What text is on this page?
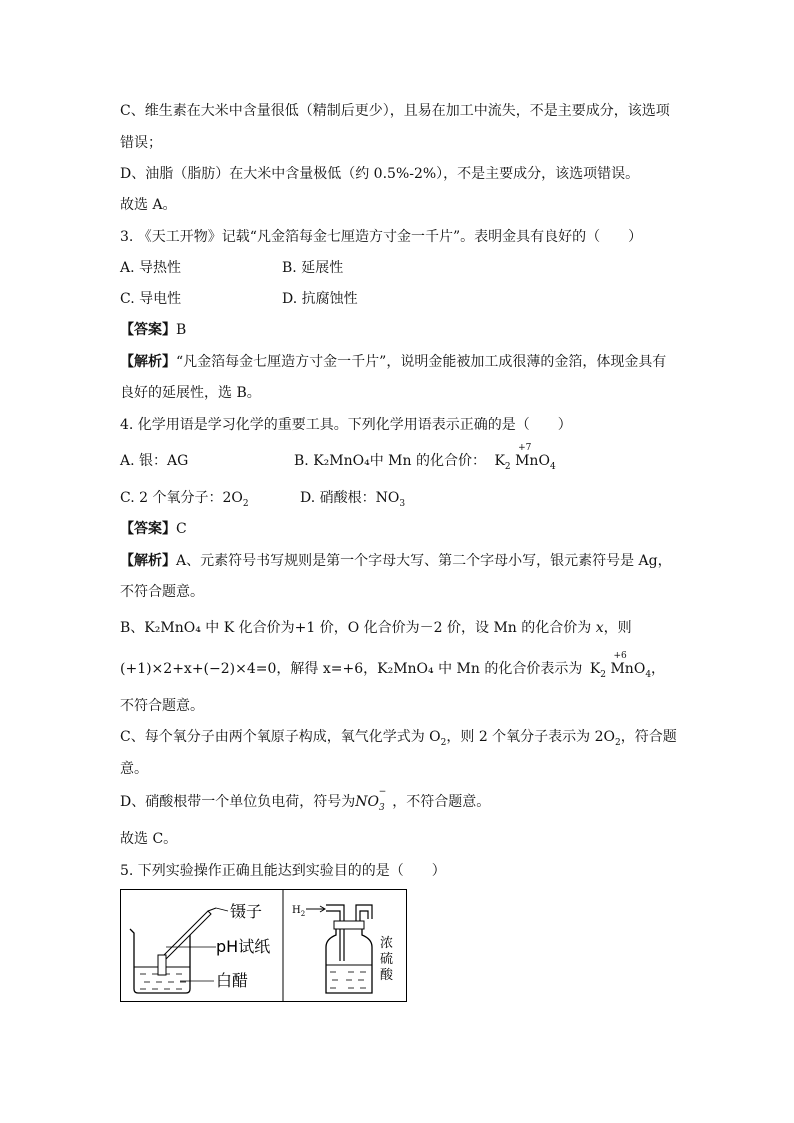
C、维生素在大米中含量很低（精制后更少），且易在加工中流失，不是主要成分，该选项
错误；
D、油脂（脂肪）在大米中含量极低（约 0.5%-2%），不是主要成分，该选项错误。
故选 A。
3. 《天工开物》记载“凡金箔每金七厘造方寸金一千片”。表明金具有良好的（　　）
A. 导热性	B. 延展性
C. 导电性	D. 抗腐蚀性
【答案】B
【解析】“凡金箔每金七厘造方寸金一千片”，说明金能被加工成很薄的金箔，体现金具有
良好的延展性，选 B。
4. 化学用语是学习化学的重要工具。下列化学用语表示正确的是（　　）
A. 银：AG	B. K₂MnO₄中 Mn 的化合价： $K_2$ Mn
+7
$O_4$
C. 2 个氧分子：$2O_2$	D. 硝酸根：$NO_3$
【答案】C
【解析】A、元素符号书写规则是第一个字母大写、第二个字母小写，银元素符号是 Ag，
不符合题意。
B、K₂MnO₄ 中 K 化合价为+1 价，O 化合价为－2 价，设 Mn 的化合价为 x，则
(+1)×2+x+(−2)×4=0，解得 x=+6，K₂MnO₄ 中 Mn 的化合价表示为 $K_2$ Mn
+6
$O_4$，
不符合题意。
C、每个氧分子由两个氧原子构成，氧气化学式为 $O_2$，则 2 个氧分子表示为 $2O_2$，符合题
意。
D、硝酸根带一个单位负电荷，符号为$NO_3^-$，不符合题意。
故选 C。
5. 下列实验操作正确且能达到实验目的的是（　　）
镊子
pH试纸
白醋
$H_2$
浓
硫
酸
